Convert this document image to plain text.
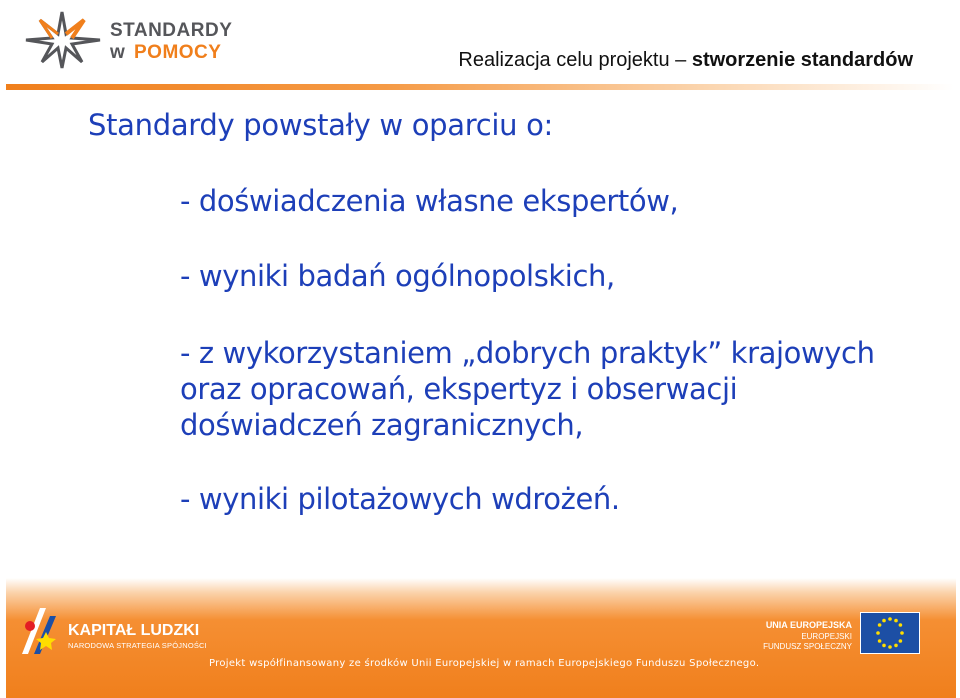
STANDARDY
w POMOCY	Realizacja celu projektu – stworzenie standardów
Standardy powstały w oparciu o:

- doświadczenia własne ekspertów,

- wyniki badań ogólnopolskich,

- z wykorzystaniem „dobrych praktyk” krajowych
oraz opracowań, ekspertyz i obserwacji
doświadczeń zagranicznych,

- wyniki pilotażowych wdrożeń.

KAPITAŁ LUDZKI
NARODOWA STRATEGIA SPÓJNOŚCI
UNIA EUROPEJSKA
EUROPEJSKI
FUNDUSZ SPOŁECZNY
Projekt współfinansowany ze środków Unii Europejskiej w ramach Europejskiego Funduszu Społecznego.
